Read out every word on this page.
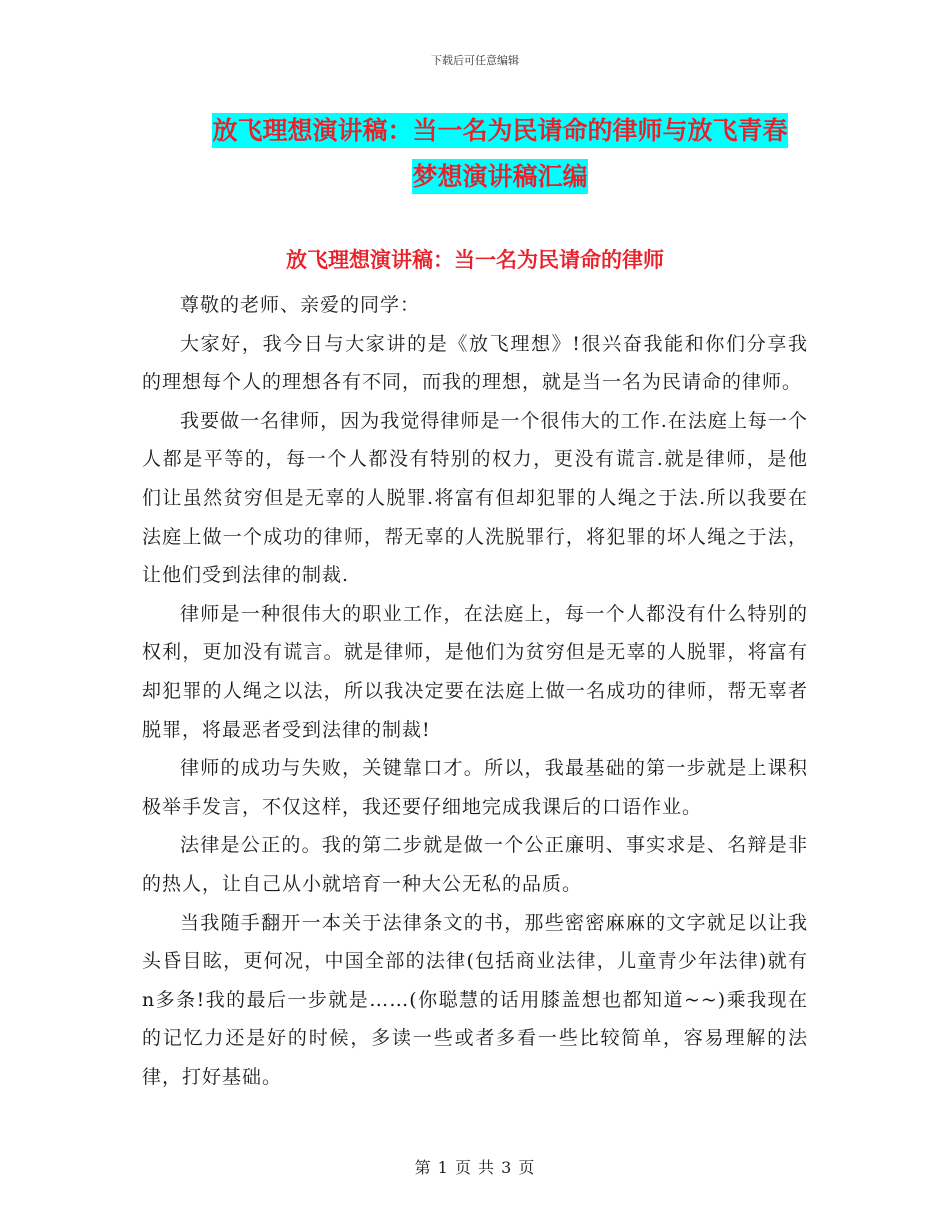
下载后可任意编辑
放飞理想演讲稿：当一名为民请命的律师与放飞青春
梦想演讲稿汇编
放飞理想演讲稿：当一名为民请命的律师

尊敬的老师、亲爱的同学：

大家好，我今日与大家讲的是《放飞理想》!很兴奋我能和你们分享我的理想每个人的理想各有不同，而我的理想，就是当一名为民请命的律师。

我要做一名律师，因为我觉得律师是一个很伟大的工作.在法庭上每一个人都是平等的，每一个人都没有特别的权力，更没有谎言.就是律师，是他们让虽然贫穷但是无辜的人脱罪.将富有但却犯罪的人绳之于法.所以我要在法庭上做一个成功的律师，帮无辜的人洗脱罪行，将犯罪的坏人绳之于法，让他们受到法律的制裁.

律师是一种很伟大的职业工作，在法庭上，每一个人都没有什么特别的权利，更加没有谎言。就是律师，是他们为贫穷但是无辜的人脱罪，将富有却犯罪的人绳之以法，所以我决定要在法庭上做一名成功的律师，帮无辜者脱罪，将最恶者受到法律的制裁!

律师的成功与失败，关键靠口才。所以，我最基础的第一步就是上课积极举手发言，不仅这样，我还要仔细地完成我课后的口语作业。

法律是公正的。我的第二步就是做一个公正廉明、事实求是、名辩是非的热人，让自己从小就培育一种大公无私的品质。

当我随手翻开一本关于法律条文的书，那些密密麻麻的文字就足以让我头昏目眩，更何况，中国全部的法律(包括商业法律，儿童青少年法律)就有n多条!我的最后一步就是……(你聪慧的话用膝盖想也都知道~~)乘我现在的记忆力还是好的时候，多读一些或者多看一些比较简单，容易理解的法律，打好基础。

第 1 页 共 3 页
